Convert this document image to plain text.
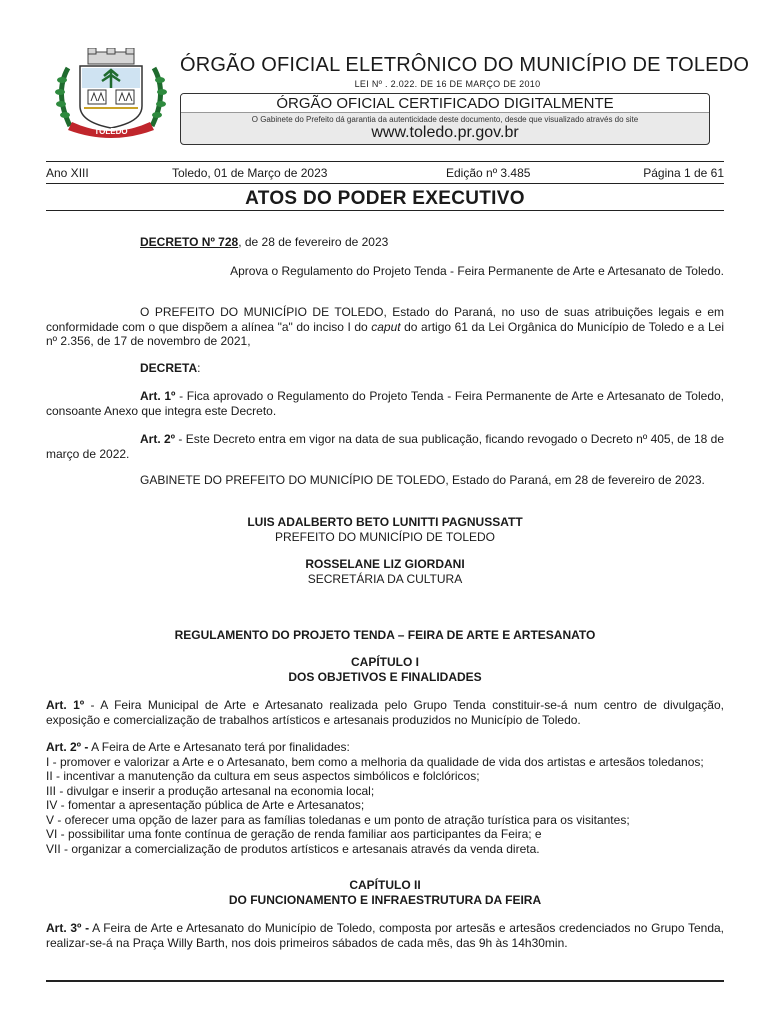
TOLEDO
ÓRGÃO OFICIAL ELETRÔNICO DO MUNICÍPIO DE TOLEDO
LEI Nº . 2.022. DE 16 DE MARÇO DE 2010
ÓRGÃO OFICIAL CERTIFICADO DIGITALMENTE
O Gabinete do Prefeito dá garantia da autenticidade deste documento, desde que visualizado através do site
www.toledo.pr.gov.br
Ano XIII	Toledo, 01 de Março de 2023	Edição nº 3.485	Página 1 de 61
ATOS DO PODER EXECUTIVO
DECRETO Nº 728, de 28 de fevereiro de 2023
Aprova o Regulamento do Projeto Tenda - Feira Permanente de Arte e Artesanato de Toledo.
O PREFEITO DO MUNICÍPIO DE TOLEDO, Estado do Paraná, no uso de suas atribuições legais e em conformidade com o que dispõem a alínea "a" do inciso I do caput do artigo 61 da Lei Orgânica do Município de Toledo e a Lei nº 2.356, de 17 de novembro de 2021,
DECRETA:
Art. 1º - Fica aprovado o Regulamento do Projeto Tenda - Feira Permanente de Arte e Artesanato de Toledo, consoante Anexo que integra este Decreto.
Art. 2º - Este Decreto entra em vigor na data de sua publicação, ficando revogado o Decreto nº 405, de 18 de março de 2022.
GABINETE DO PREFEITO DO MUNICÍPIO DE TOLEDO, Estado do Paraná, em 28 de fevereiro de 2023.
LUIS ADALBERTO BETO LUNITTI PAGNUSSATT
PREFEITO DO MUNICÍPIO DE TOLEDO
ROSSELANE LIZ GIORDANI
SECRETÁRIA DA CULTURA
REGULAMENTO DO PROJETO TENDA – FEIRA DE ARTE E ARTESANATO
CAPÍTULO I
DOS OBJETIVOS E FINALIDADES
Art. 1º - A Feira Municipal de Arte e Artesanato realizada pelo Grupo Tenda constituir-se-á num centro de divulgação, exposição e comercialização de trabalhos artísticos e artesanais produzidos no Município de Toledo.
Art. 2º - A Feira de Arte e Artesanato terá por finalidades:
I - promover e valorizar a Arte e o Artesanato, bem como a melhoria da qualidade de vida dos artistas e artesãos toledanos;
II - incentivar a manutenção da cultura em seus aspectos simbólicos e folclóricos;
III - divulgar e inserir a produção artesanal na economia local;
IV - fomentar a apresentação pública de Arte e Artesanatos;
V - oferecer uma opção de lazer para as famílias toledanas e um ponto de atração turística para os visitantes;
VI - possibilitar uma fonte contínua de geração de renda familiar aos participantes da Feira; e
VII - organizar a comercialização de produtos artísticos e artesanais através da venda direta.
CAPÍTULO II
DO FUNCIONAMENTO E INFRAESTRUTURA DA FEIRA
Art. 3º - A Feira de Arte e Artesanato do Município de Toledo, composta por artesãs e artesãos credenciados no Grupo Tenda, realizar-se-á na Praça Willy Barth, nos dois primeiros sábados de cada mês, das 9h às 14h30min.
